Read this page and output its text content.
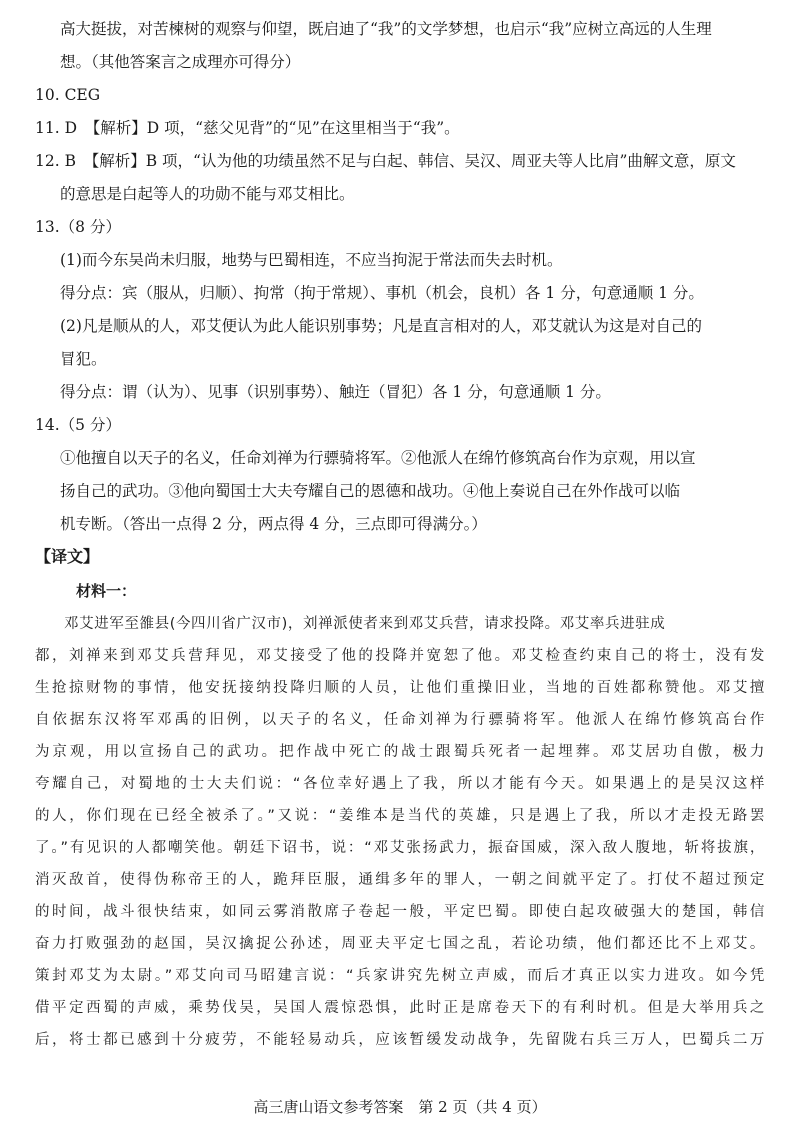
高大挺拔，对苦楝树的观察与仰望，既启迪了“我”的文学梦想，也启示“我”应树立高远的人生理
想。（其他答案言之成理亦可得分）
10. CEG
11. D　【解析】D 项，“慈父见背”的“见”在这里相当于“我”。
12. B　【解析】B 项，“认为他的功绩虽然不足与白起、韩信、吴汉、周亚夫等人比肩”曲解文意，原文
的意思是白起等人的功勋不能与邓艾相比。
13.（8 分）
(1)而今东吴尚未归服，地势与巴蜀相连，不应当拘泥于常法而失去时机。
得分点：宾（服从，归顺）、拘常（拘于常规）、事机（机会，良机）各 1 分，句意通顺 1 分。
(2)凡是顺从的人，邓艾便认为此人能识别事势；凡是直言相对的人，邓艾就认为这是对自己的
冒犯。
得分点：谓（认为）、见事（识别事势）、触迕（冒犯）各 1 分，句意通顺 1 分。
14.（5 分）
①他擅自以天子的名义，任命刘禅为行骠骑将军。②他派人在绵竹修筑高台作为京观，用以宣
扬自己的武功。③他向蜀国士大夫夸耀自己的恩德和战功。④他上奏说自己在外作战可以临
机专断。（答出一点得 2 分，两点得 4 分，三点即可得满分。）
【译文】
材料一：
邓艾进军至雒县(今四川省广汉市)，刘禅派使者来到邓艾兵营，请求投降。邓艾率兵进驻成
都，刘禅来到邓艾兵营拜见，邓艾接受了他的投降并宽恕了他。邓艾检查约束自己的将士，没有发
生抢掠财物的事情，他安抚接纳投降归顺的人员，让他们重操旧业，当地的百姓都称赞他。邓艾擅
自依据东汉将军邓禹的旧例，以天子的名义，任命刘禅为行骠骑将军。他派人在绵竹修筑高台作
为京观，用以宣扬自己的武功。把作战中死亡的战士跟蜀兵死者一起埋葬。邓艾居功自傲，极力
夸耀自己，对蜀地的士大夫们说：“各位幸好遇上了我，所以才能有今天。如果遇上的是吴汉这样
的人，你们现在已经全被杀了。”又说：“姜维本是当代的英雄，只是遇上了我，所以才走投无路罢
了。”有见识的人都嘲笑他。朝廷下诏书，说：“邓艾张扬武力，振奋国威，深入敌人腹地，斩将拔旗，
消灭敌首，使得伪称帝王的人，跪拜臣服，通缉多年的罪人，一朝之间就平定了。打仗不超过预定
的时间，战斗很快结束，如同云雾消散席子卷起一般，平定巴蜀。即使白起攻破强大的楚国，韩信
奋力打败强劲的赵国，吴汉擒捉公孙述，周亚夫平定七国之乱，若论功绩，他们都还比不上邓艾。
策封邓艾为太尉。”邓艾向司马昭建言说：“兵家讲究先树立声威，而后才真正以实力进攻。如今凭
借平定西蜀的声威，乘势伐吴，吴国人震惊恐惧，此时正是席卷天下的有利时机。但是大举用兵之
后，将士都已感到十分疲劳，不能轻易动兵，应该暂缓发动战争，先留陇右兵三万人，巴蜀兵二万
高三唐山语文参考答案　第 2 页（共 4 页）
